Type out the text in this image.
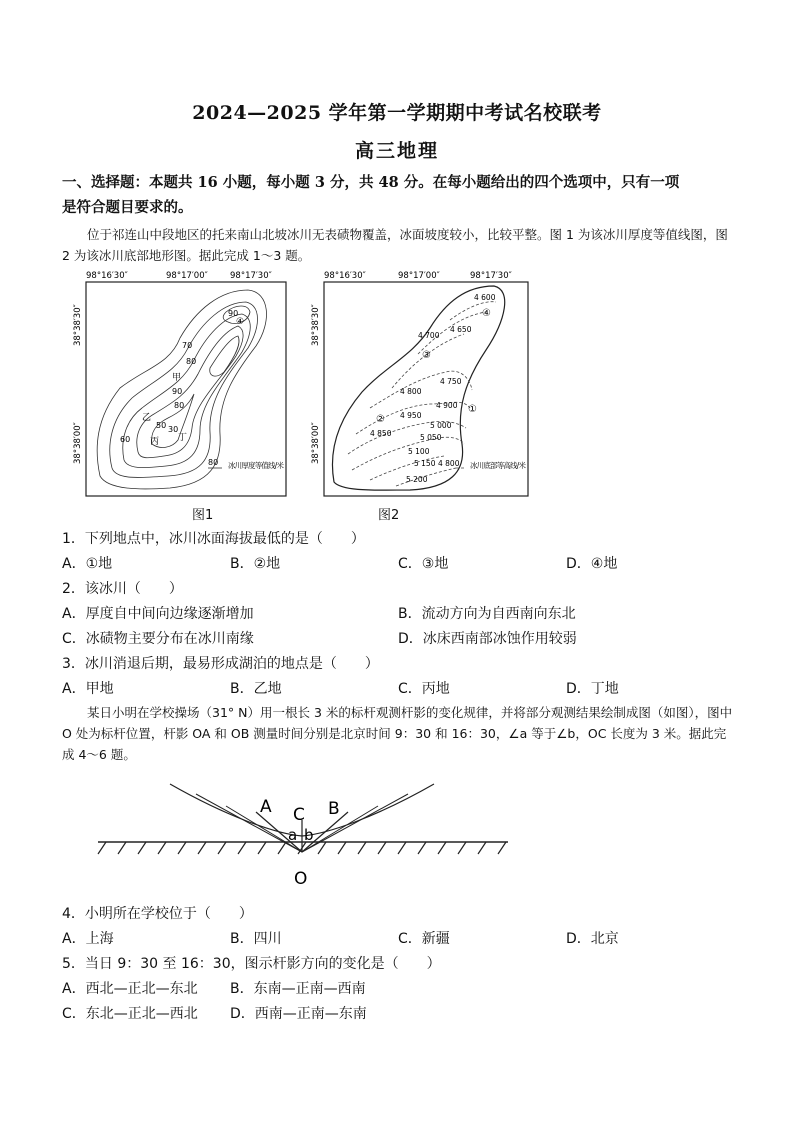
2024—2025 学年第一学期期中考试名校联考
高三地理
一、选择题：本题共 16 小题，每小题 3 分，共 48 分。在每小题给出的四个选项中，只有一项
是符合题目要求的。
位于祁连山中段地区的托来南山北坡冰川无表碛物覆盖，冰面坡度较小，比较平整。图 1 为该冰川厚度等值线图，图 2 为该冰川底部地形图。据此完成 1～3 题。
98°16′30″	98°17′00″	98°17′30″
38°38′30″
38°38′00″
90
70
80
90
60
50 30
80
甲
乙
丙 丁
④
80 冰川厚度等值线/米
图1
98°16′30″	98°17′00″	98°17′30″
38°38′30″
38°38′00″
4 600
4 650
4 700
4 750
4 800
4 850
4 900
4 950
5 000
5 050
5 100
5 150
5 200
①
②
③
④
4 800 冰川底部等高线/米
图2
1．下列地点中，冰川冰面海拔最低的是（　　）
A．①地	B．②地	C．③地	D．④地
2．该冰川（　　）
A．厚度自中间向边缘逐渐增加	B．流动方向为自西南向东北
C．冰碛物主要分布在冰川南缘	D．冰床西南部冰蚀作用较弱
3．冰川消退后期，最易形成湖泊的地点是（　　）
A．甲地	B．乙地	C．丙地	D．丁地
某日小明在学校操场（31° N）用一根长 3 米的标杆观测杆影的变化规律，并将部分观测结果绘制成图（如图），图中 O 处为标杆位置，杆影 OA 和 OB 测量时间分别是北京时间 9：30 和 16：30，∠a 等于∠b，OC 长度为 3 米。据此完成 4～6 题。
A C B
a b
O
4．小明所在学校位于（　　）
A．上海	B．四川	C．新疆	D．北京
5．当日 9：30 至 16：30，图示杆影方向的变化是（　　）
A．西北—正北—东北 B．东南—正南—西南
C．东北—正北—西北 D．西南—正南—东南
